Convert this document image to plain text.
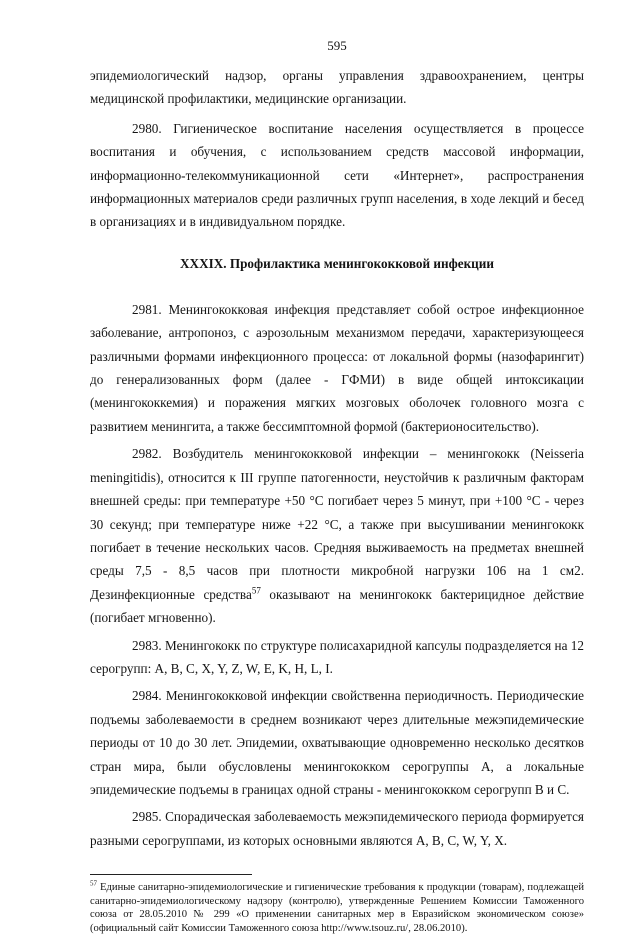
595

эпидемиологический надзор, органы управления здравоохранением, центры медицинской профилактики, медицинские организации.

2980. Гигиеническое воспитание населения осуществляется в процессе воспитания и обучения, с использованием средств массовой информации, информационно-телекоммуникационной сети «Интернет», распространения информационных материалов среди различных групп населения, в ходе лекций и бесед в организациях и в индивидуальном порядке.

XXXIX. Профилактика менингококковой инфекции

2981. Менингококковая инфекция представляет собой острое инфекционное заболевание, антропоноз, с аэрозольным механизмом передачи, характеризующееся различными формами инфекционного процесса: от локальной формы (назофарингит) до генерализованных форм (далее - ГФМИ) в виде общей интоксикации (менингококкемия) и поражения мягких мозговых оболочек головного мозга с развитием менингита, а также бессимптомной формой (бактерионосительство).

2982. Возбудитель менингококковой инфекции – менингококк (Neisseria meningitidis), относится к III группе патогенности, неустойчив к различным факторам внешней среды: при температуре +50 °С погибает через 5 минут, при +100 °С - через 30 секунд; при температуре ниже +22 °С, а также при высушивании менингококк погибает в течение нескольких часов. Средняя выживаемость на предметах внешней среды 7,5 - 8,5 часов при плотности микробной нагрузки 106 на 1 см2. Дезинфекционные средства$^{57}$ оказывают на менингококк бактерицидное действие (погибает мгновенно).

2983. Менингококк по структуре полисахаридной капсулы подразделяется на 12 серогрупп: A, B, C, X, Y, Z, W, E, K, H, L, I.

2984. Менингококковой инфекции свойственна периодичность. Периодические подъемы заболеваемости в среднем возникают через длительные межэпидемические периоды от 10 до 30 лет. Эпидемии, охватывающие одновременно несколько десятков стран мира, были обусловлены менингококком серогруппы А, а локальные эпидемические подъемы в границах одной страны - менингококком серогрупп В и С.

2985. Спорадическая заболеваемость межэпидемического периода формируется разными серогруппами, из которых основными являются A, B, C, W, Y, X.

$^{57}$ Единые санитарно-эпидемиологические и гигиенические требования к продукции (товарам), подлежащей санитарно-эпидемиологическому надзору (контролю), утвержденные Решением Комиссии Таможенного союза от 28.05.2010 № 299 «О применении санитарных мер в Евразийском экономическом союзе» (официальный сайт Комиссии Таможенного союза http://www.tsouz.ru/, 28.06.2010).
